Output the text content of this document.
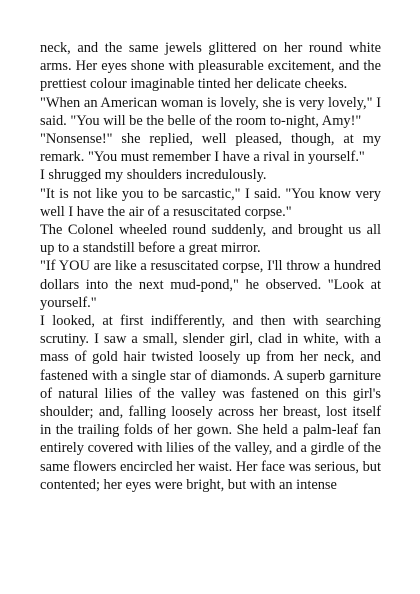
neck, and the same jewels glittered on her round white arms. Her eyes shone with pleasurable excitement, and the prettiest colour imaginable tinted her delicate cheeks.

"When an American woman is lovely, she is very lovely," I said. "You will be the belle of the room to-night, Amy!"

"Nonsense!" she replied, well pleased, though, at my remark. "You must remember I have a rival in yourself."

I shrugged my shoulders incredulously.

"It is not like you to be sarcastic," I said. "You know very well I have the air of a resuscitated corpse."

The Colonel wheeled round suddenly, and brought us all up to a standstill before a great mirror.

"If YOU are like a resuscitated corpse, I'll throw a hundred dollars into the next mud-pond," he observed. "Look at yourself."

I looked, at first indifferently, and then with searching scrutiny. I saw a small, slender girl, clad in white, with a mass of gold hair twisted loosely up from her neck, and fastened with a single star of diamonds. A superb garniture of natural lilies of the valley was fastened on this girl's shoulder; and, falling loosely across her breast, lost itself in the trailing folds of her gown. She held a palm-leaf fan entirely covered with lilies of the valley, and a girdle of the same flowers encircled her waist. Her face was serious, but contented; her eyes were bright, but with an intense
